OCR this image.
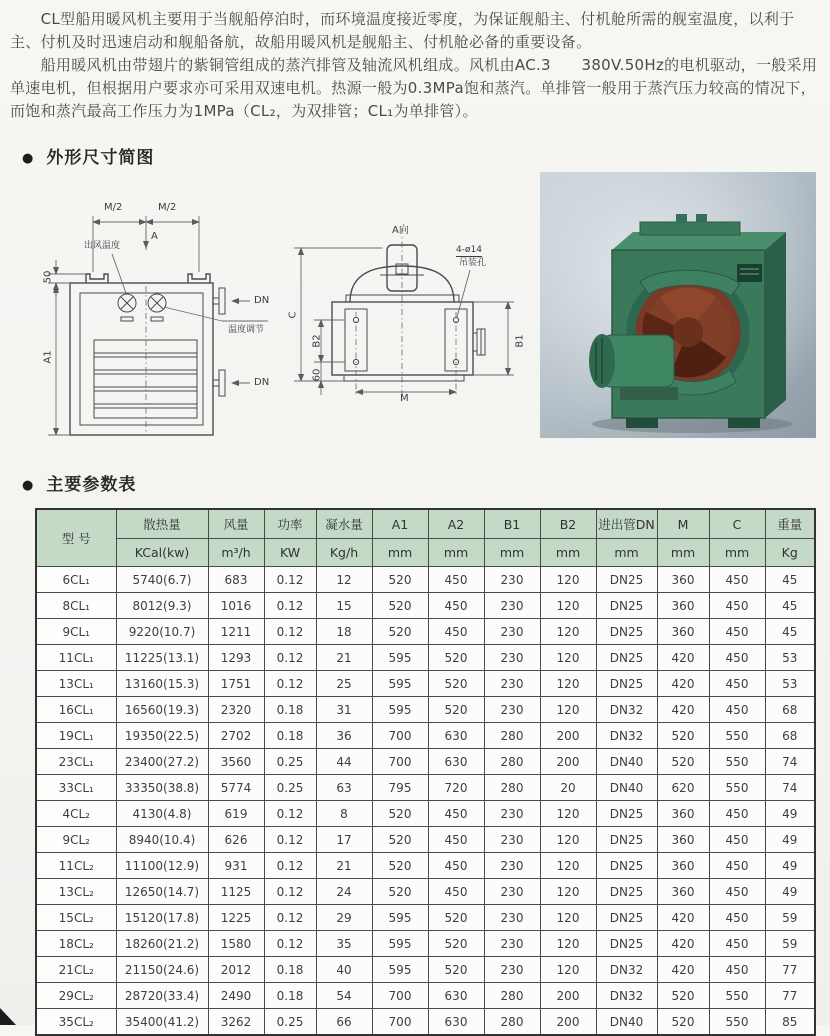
　　CL型船用暖风机主要用于当舰船停泊时，而环境温度接近零度，为保证舰船主、付机舱所需的舰室温度，以利于主、付机及时迅速启动和舰船备航，故船用暖风机是舰船主、付机舱必备的重要设备。

　　船用暖风机由带翅片的紫铜管组成的蒸汽排管及轴流风机组成。风机由AC.3　　380V.50Hz的电机驱动，一般采用单速电机，但根据用户要求亦可采用双速电机。热源一般为0.3MPa饱和蒸汽。单排管一般用于蒸汽压力较高的情况下，而饱和蒸汽最高工作压力为1MPa（CL₂，为双排管；CL₁为单排管）。

● 外形尺寸简图
M/2	M/2
A
出风温度
温度调节
50
A1
DN
DN
A向
4-ø14
吊装孔
C
B2
60
M
B1
● 主要参数表
型 号	散热量	风量	功率	凝水量	A1	A2	B1	B2	进出管DN	M	C	重量
	KCal(kw)	m³/h	KW	Kg/h	mm	mm	mm	mm	mm	mm	mm	Kg
6CL₁	5740(6.7)	683	0.12	12	520	450	230	120	DN25	360	450	45
8CL₁	8012(9.3)	1016	0.12	15	520	450	230	120	DN25	360	450	45
9CL₁	9220(10.7)	1211	0.12	18	520	450	230	120	DN25	360	450	45
11CL₁	11225(13.1)	1293	0.12	21	595	520	230	120	DN25	420	450	53
13CL₁	13160(15.3)	1751	0.12	25	595	520	230	120	DN25	420	450	53
16CL₁	16560(19.3)	2320	0.18	31	595	520	230	120	DN32	420	450	68
19CL₁	19350(22.5)	2702	0.18	36	700	630	280	200	DN32	520	550	68
23CL₁	23400(27.2)	3560	0.25	44	700	630	280	200	DN40	520	550	74
33CL₁	33350(38.8)	5774	0.25	63	795	720	280	20	DN40	620	550	74
4CL₂	4130(4.8)	619	0.12	8	520	450	230	120	DN25	360	450	49
9CL₂	8940(10.4)	626	0.12	17	520	450	230	120	DN25	360	450	49
11CL₂	11100(12.9)	931	0.12	21	520	450	230	120	DN25	360	450	49
13CL₂	12650(14.7)	1125	0.12	24	520	450	230	120	DN25	360	450	49
15CL₂	15120(17.8)	1225	0.12	29	595	520	230	120	DN25	420	450	59
18CL₂	18260(21.2)	1580	0.12	35	595	520	230	120	DN25	420	450	59
21CL₂	21150(24.6)	2012	0.18	40	595	520	230	120	DN32	420	450	77
29CL₂	28720(33.4)	2490	0.18	54	700	630	280	200	DN32	520	550	77
35CL₂	35400(41.2)	3262	0.25	66	700	630	280	200	DN40	520	550	85
